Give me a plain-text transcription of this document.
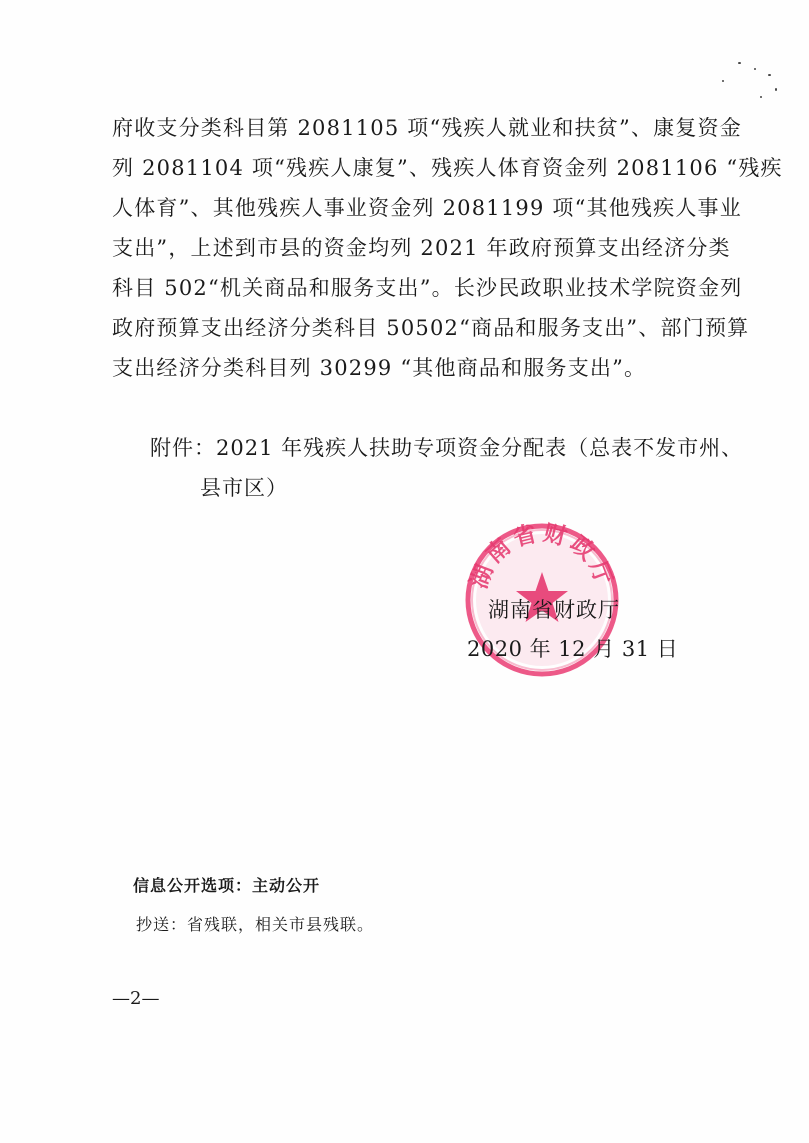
府收支分类科目第 2081105 项“残疾人就业和扶贫”、康复资金
列 2081104 项“残疾人康复”、残疾人体育资金列 2081106 “残疾
人体育”、其他残疾人事业资金列 2081199 项“其他残疾人事业
支出”，上述到市县的资金均列 2021 年政府预算支出经济分类
科目 502“机关商品和服务支出”。长沙民政职业技术学院资金列
政府预算支出经济分类科目 50502“商品和服务支出”、部门预算
支出经济分类科目列 30299 “其他商品和服务支出”。
附件：2021 年残疾人扶助专项资金分配表（总表不发市州、
县市区）
湖南省财政厅
湖南省财政厅
2020 年 12 月 31 日
信息公开选项：主动公开
抄送：省残联，相关市县残联。
—2—
